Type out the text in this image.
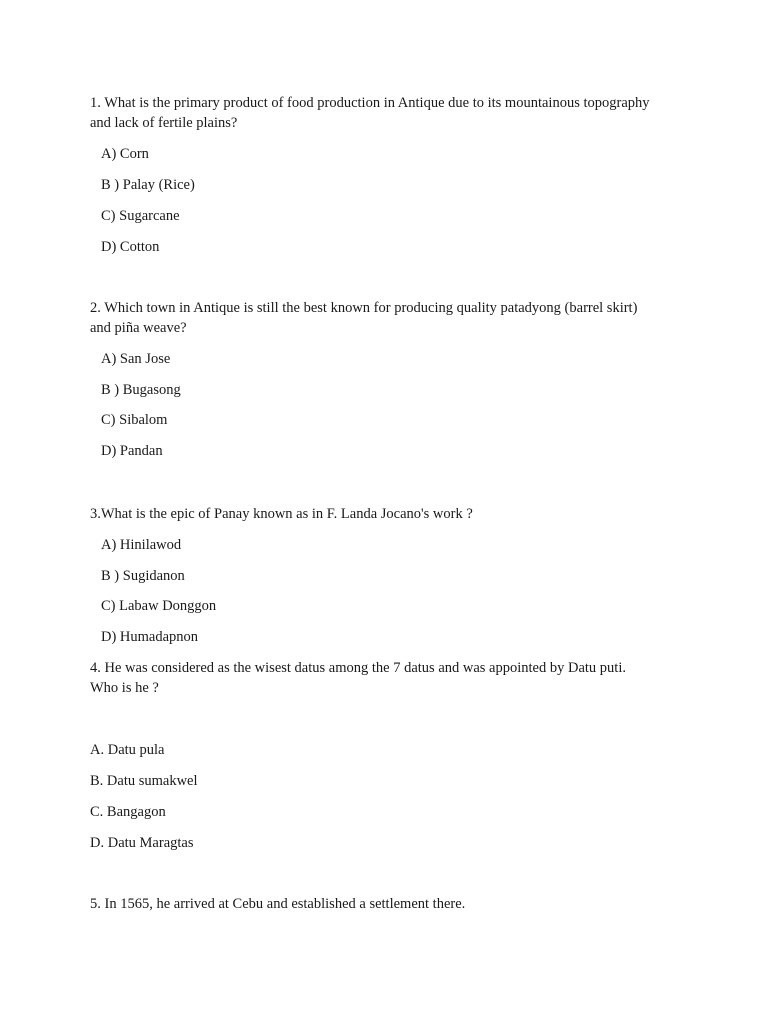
1. What is the primary product of food production in Antique due to its mountainous topography
and lack of fertile plains?
A) Corn
B ) Palay (Rice)
C) Sugarcane
D) Cotton
2. Which town in Antique is still the best known for producing quality patadyong (barrel skirt)
and piña weave?
A) San Jose
B ) Bugasong
C) Sibalom
D) Pandan
3.What is the epic of Panay known as in F. Landa Jocano's work ?
A) Hinilawod
B ) Sugidanon
C) Labaw Donggon
D) Humadapnon
4. He was considered as the wisest datus among the 7 datus and was appointed by Datu puti.
Who is he ?
A. Datu pula
B. Datu sumakwel
C. Bangagon
D. Datu Maragtas
5. In 1565, he arrived at Cebu and established a settlement there.
